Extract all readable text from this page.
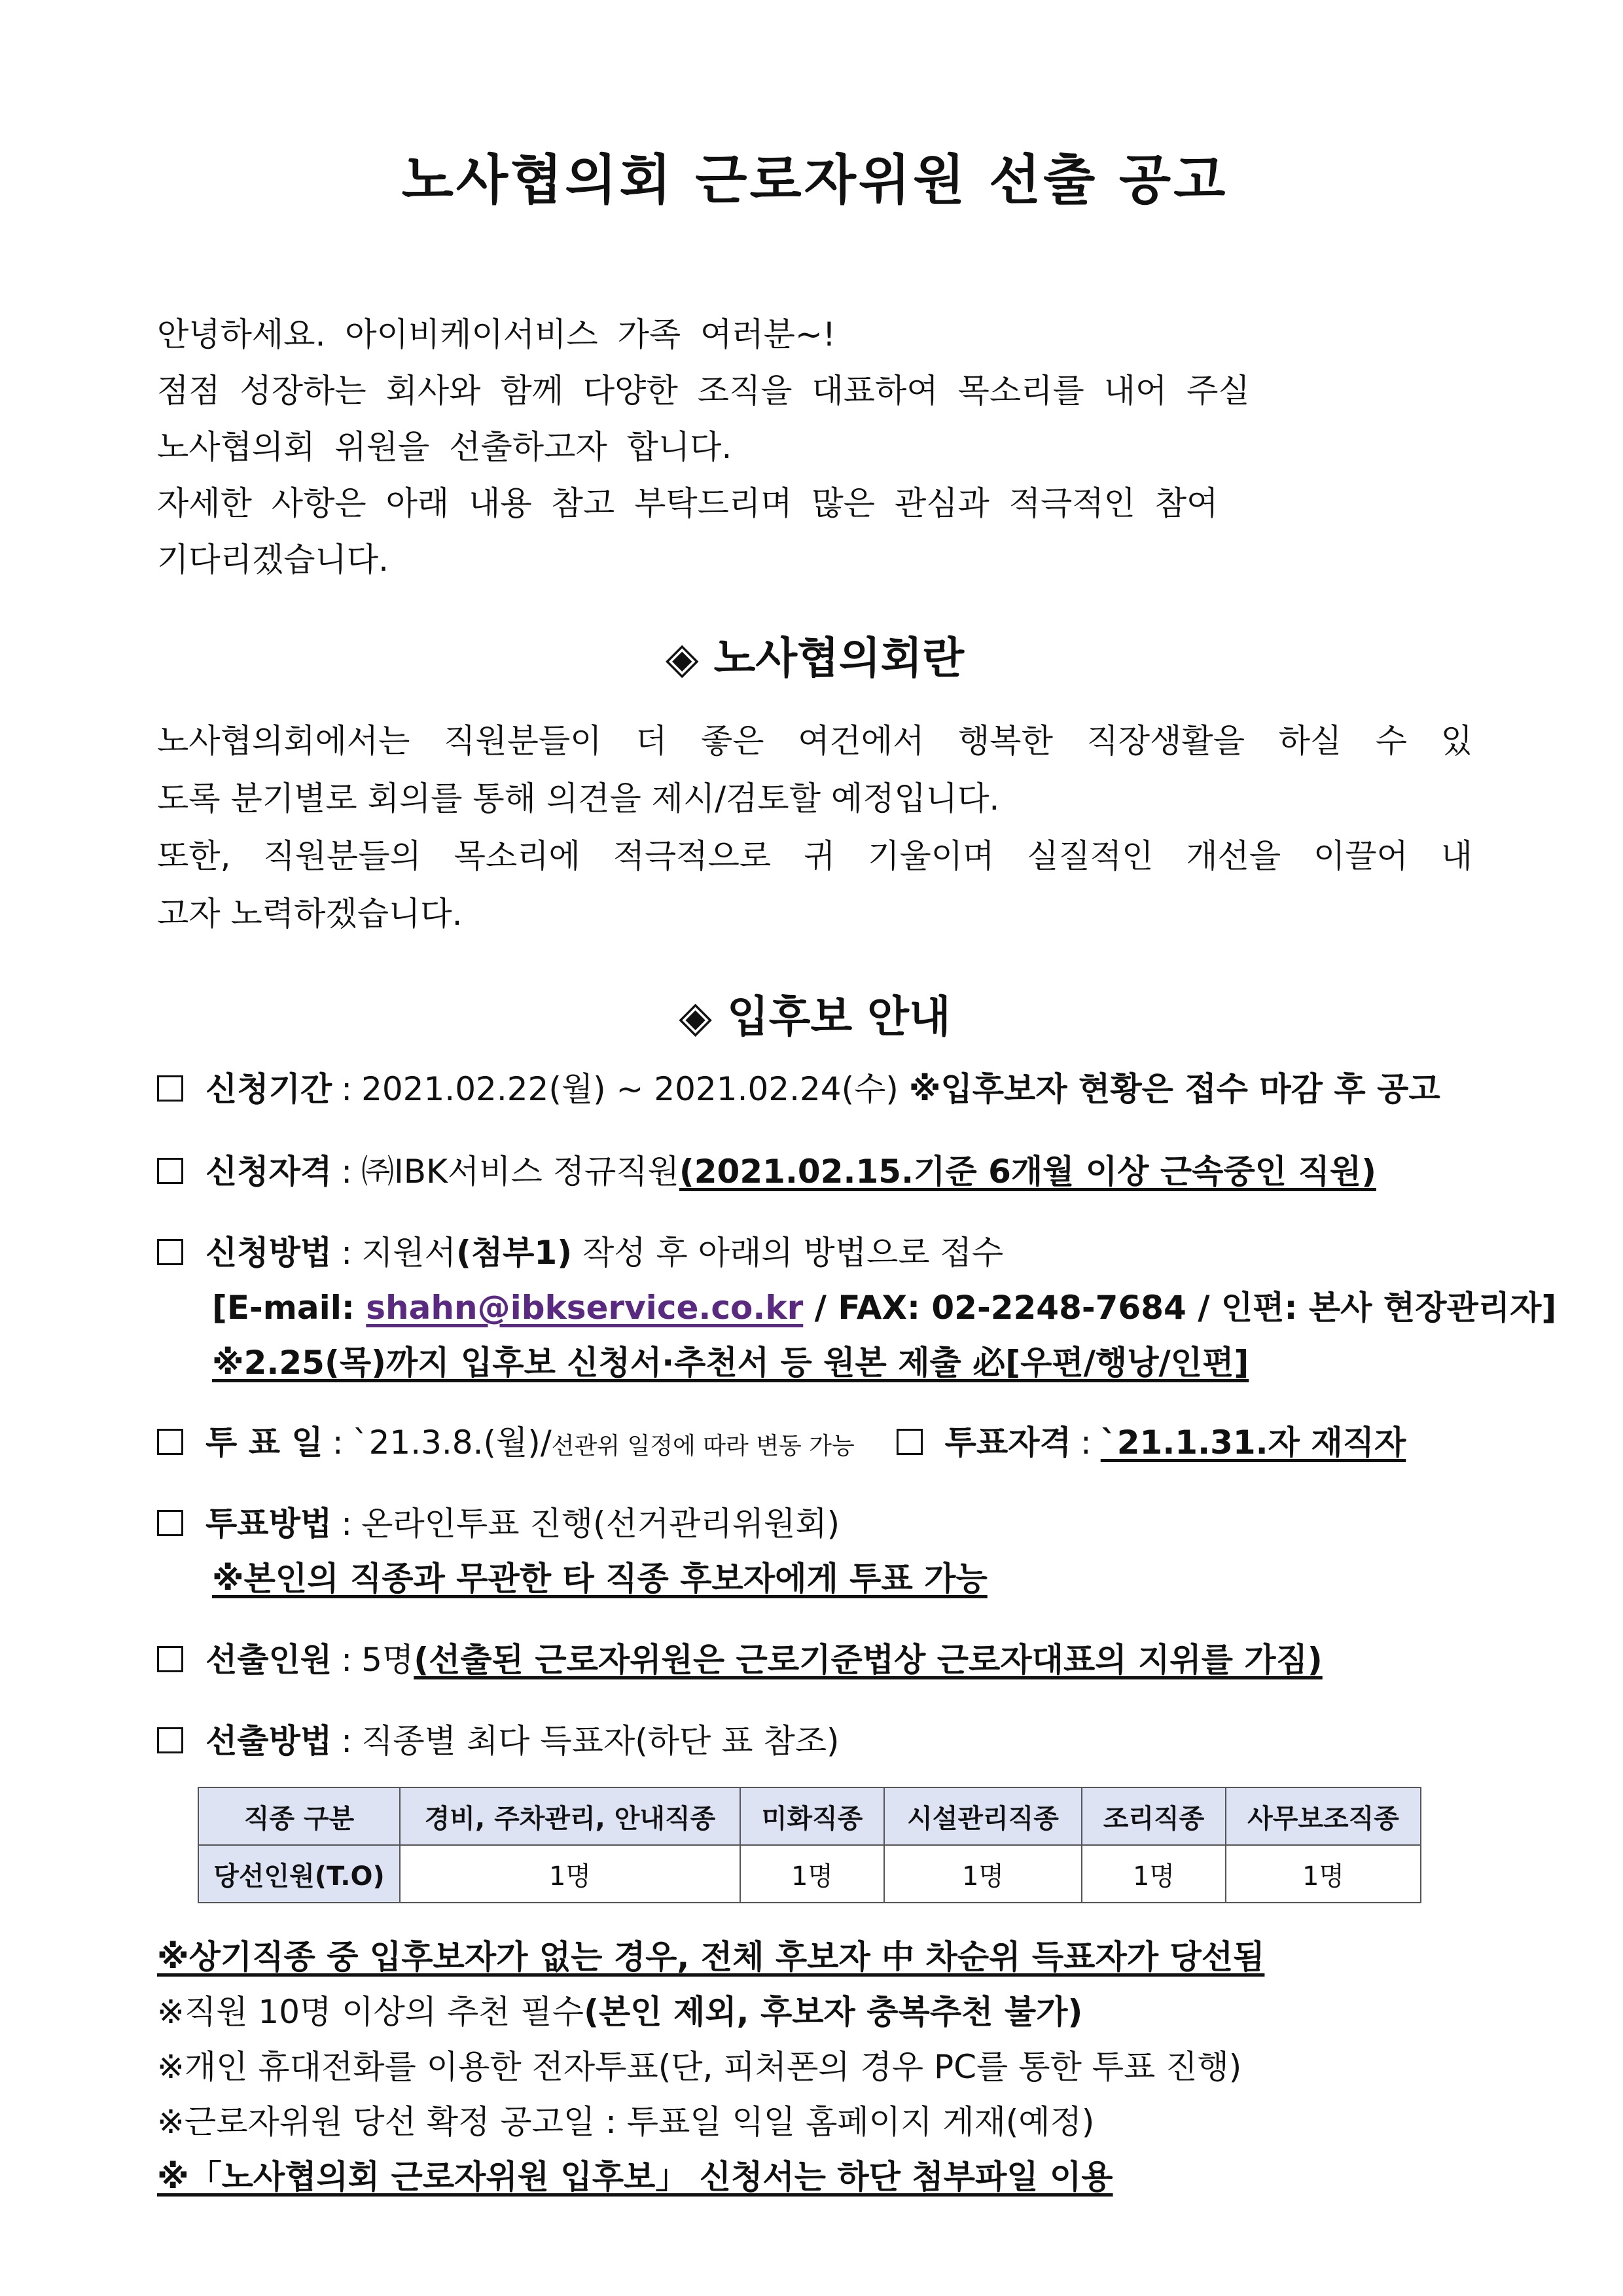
노사협의회 근로자위원 선출 공고
안녕하세요. 아이비케이서비스 가족 여러분~!
점점 성장하는 회사와 함께 다양한 조직을 대표하여 목소리를 내어 주실
노사협의회 위원을 선출하고자 합니다.
자세한 사항은 아래 내용 참고 부탁드리며 많은 관심과 적극적인 참여
기다리겠습니다.
◈ 노사협의회란
노사협의회에서는 직원분들이 더 좋은 여건에서 행복한 직장생활을 하실 수 있
도록 분기별로 회의를 통해 의견을 제시/검토할 예정입니다.
또한, 직원분들의 목소리에 적극적으로 귀 기울이며 실질적인 개선을 이끌어 내
고자 노력하겠습니다.
◈ 입후보 안내
신청기간 : 2021.02.22(월) ~ 2021.02.24(수) ※입후보자 현황은 접수 마감 후 공고
신청자격 : ㈜IBK서비스 정규직원(2021.02.15.기준 6개월 이상 근속중인 직원)
신청방법 : 지원서(첨부1) 작성 후 아래의 방법으로 접수
[E-mail: shahn@ibkservice.co.kr / FAX: 02-2248-7684 / 인편: 본사 현장관리자]
※2.25(목)까지 입후보 신청서·추천서 등 원본 제출 必[우편/행낭/인편]
투 표 일 : `21.3.8.(월)/선관위 일정에 따라 변동 가능	투표자격 : `21.1.31.자 재직자
투표방법 : 온라인투표 진행(선거관리위원회)
※본인의 직종과 무관한 타 직종 후보자에게 투표 가능
선출인원 : 5명(선출된 근로자위원은 근로기준법상 근로자대표의 지위를 가짐)
선출방법 : 직종별 최다 득표자(하단 표 참조)
직종 구분	경비, 주차관리, 안내직종	미화직종	시설관리직종	조리직종	사무보조직종
당선인원(T.O)	1명	1명	1명	1명	1명
※상기직종 중 입후보자가 없는 경우, 전체 후보자 中 차순위 득표자가 당선됨
※직원 10명 이상의 추천 필수(본인 제외, 후보자 충복추천 불가)
※개인 휴대전화를 이용한 전자투표(단, 피처폰의 경우 PC를 통한 투표 진행)
※근로자위원 당선 확정 공고일 : 투표일 익일 홈페이지 게재(예정)
※「노사협의회 근로자위원 입후보」 신청서는 하단 첨부파일 이용
